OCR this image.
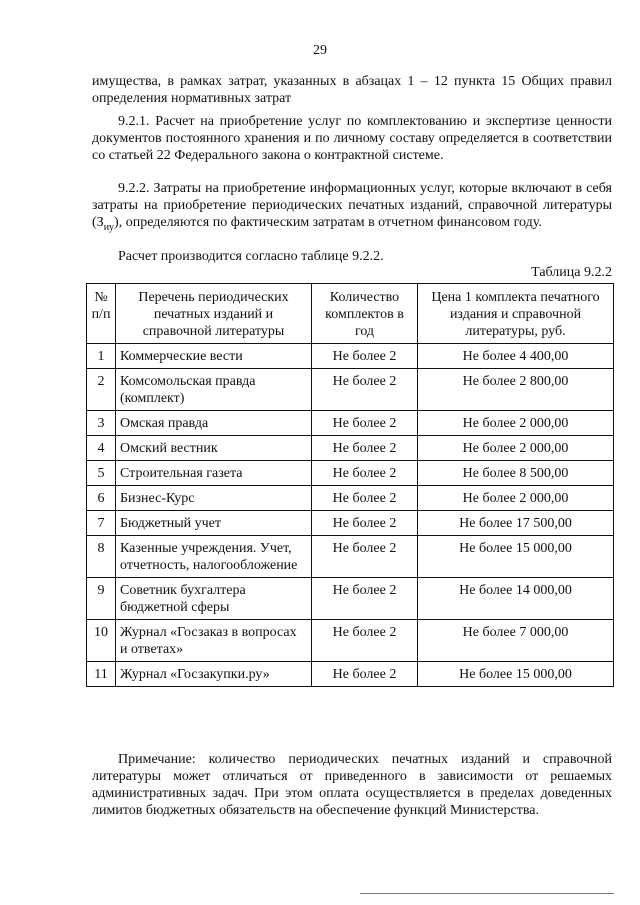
29
имущества, в рамках затрат, указанных в абзацах 1 – 12 пункта 15 Общих правил определения нормативных затрат
9.2.1. Расчет на приобретение услуг по комплектованию и экспертизе ценности документов постоянного хранения и по личному составу определяется в соответствии со статьей 22 Федерального закона о контрактной системе.
9.2.2. Затраты на приобретение информационных услуг, которые включают в себя затраты на приобретение периодических печатных изданий, справочной литературы $(З_{иу})$, определяются по фактическим затратам в отчетном финансовом году.
Расчет производится согласно таблице 9.2.2.
Таблица 9.2.2
№ п/п	Перечень периодических печатных изданий и справочной литературы	Количество комплектов в год	Цена 1 комплекта печатного издания и справочной литературы, руб.
1	Коммерческие вести	Не более 2	Не более 4 400,00
2	Комсомольская правда (комплект)	Не более 2	Не более 2 800,00
3	Омская правда	Не более 2	Не более 2 000,00
4	Омский вестник	Не более 2	Не более 2 000,00
5	Строительная газета	Не более 2	Не более 8 500,00
6	Бизнес-Курс	Не более 2	Не более 2 000,00
7	Бюджетный учет	Не более 2	Не более 17 500,00
8	Казенные учреждения. Учет, отчетность, налогообложение	Не более 2	Не более 15 000,00
9	Советник бухгалтера бюджетной сферы	Не более 2	Не более 14 000,00
10	Журнал «Госзаказ в вопросах и ответах»	Не более 2	Не более 7 000,00
11	Журнал «Госзакупки.ру»	Не более 2	Не более 15 000,00
Примечание: количество периодических печатных изданий и справочной литературы может отличаться от приведенного в зависимости от решаемых административных задач. При этом оплата осуществляется в пределах доведенных лимитов бюджетных обязательств на обеспечение функций Министерства.
